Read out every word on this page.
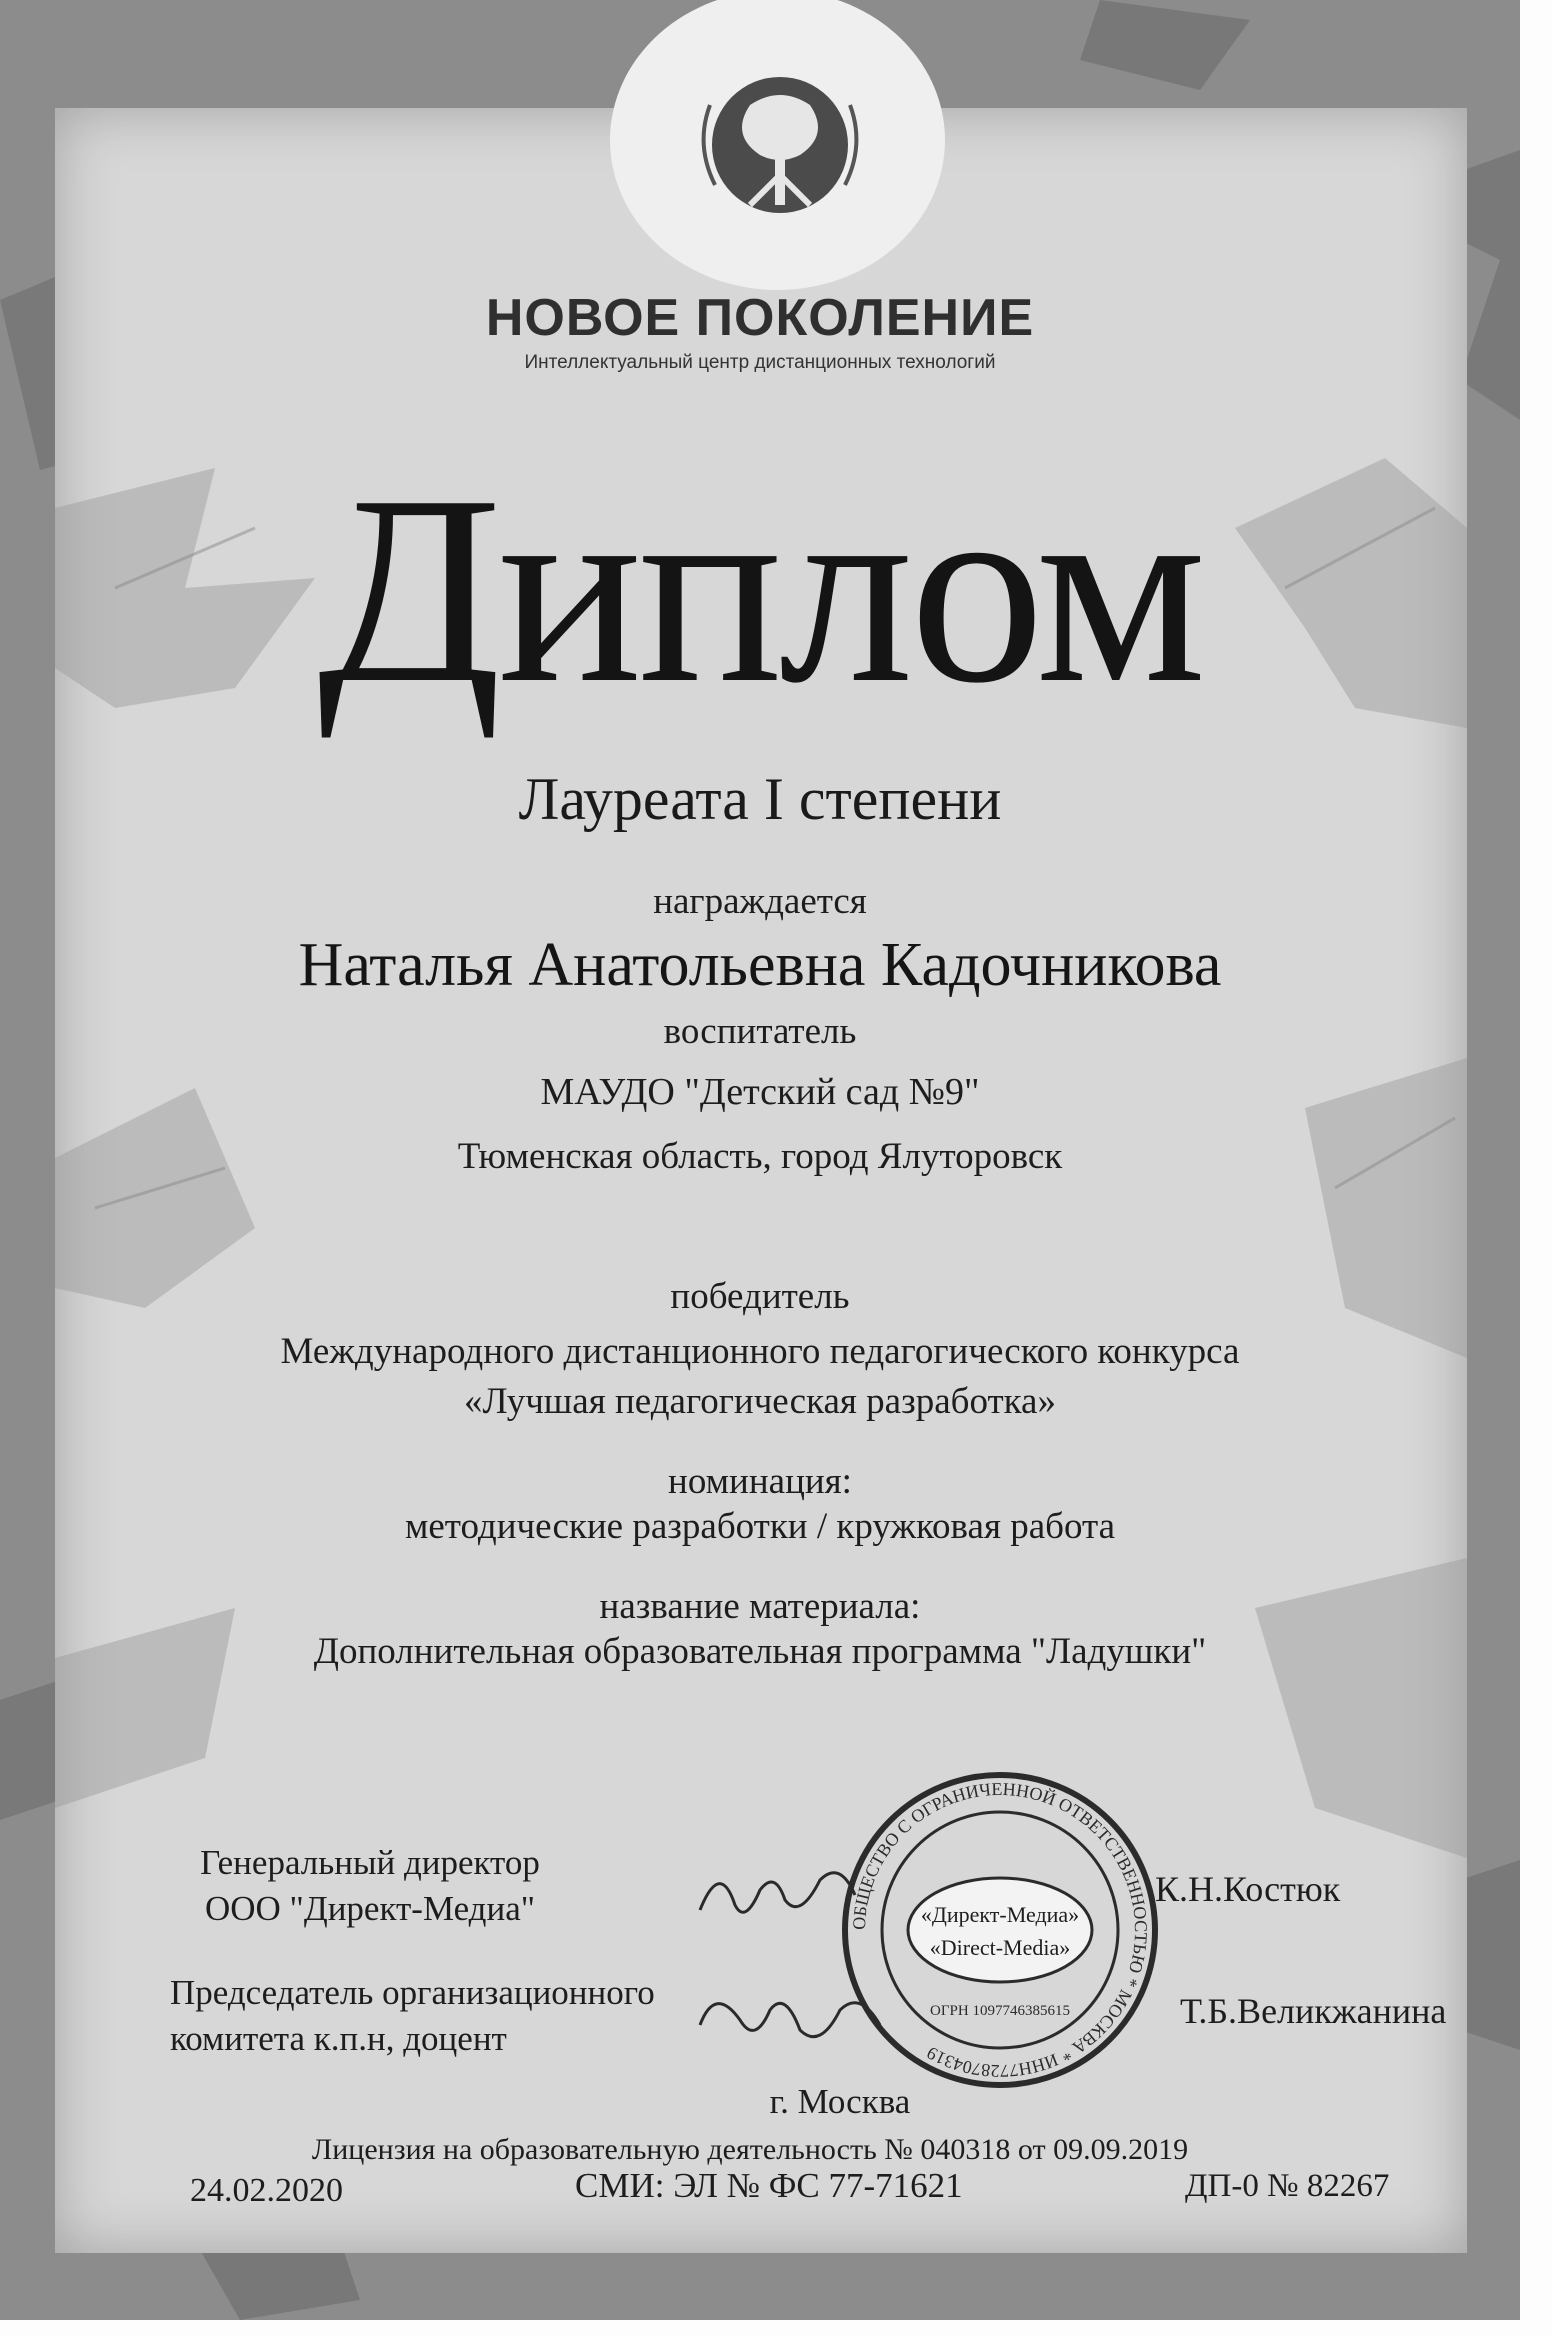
НОВОЕ ПОКОЛЕНИЕ
Интеллектуальный центр дистанционных технологий
Диплом
Лауреата I степени
награждается
Наталья Анатольевна Кадочникова
воспитатель
МАУДО "Детский сад №9"
Тюменская область, город Ялуторовск
победитель
Международного дистанционного педагогического конкурса
«Лучшая педагогическая разработка»
номинация:
методические разработки / кружковая работа
название материала:
Дополнительная образовательная программа "Ладушки"
Генеральный директор
ООО "Директ-Медиа"
Председатель организационного
комитета к.п.н, доцент
ОБЩЕСТВО С ОГРАНИЧЕННОЙ ОТВЕТСТВЕННОСТЬЮ * МОСКВА * ИНН7728704319
«Директ-Медиа»
«Direct-Media»
ОГРН 1097746385615
К.Н.Костюк
Т.Б.Великжанина
г. Москва
Лицензия на образовательную деятельность № 040318 от 09.09.2019
24.02.2020	СМИ: ЭЛ № ФС 77-71621	ДП-0 № 82267
